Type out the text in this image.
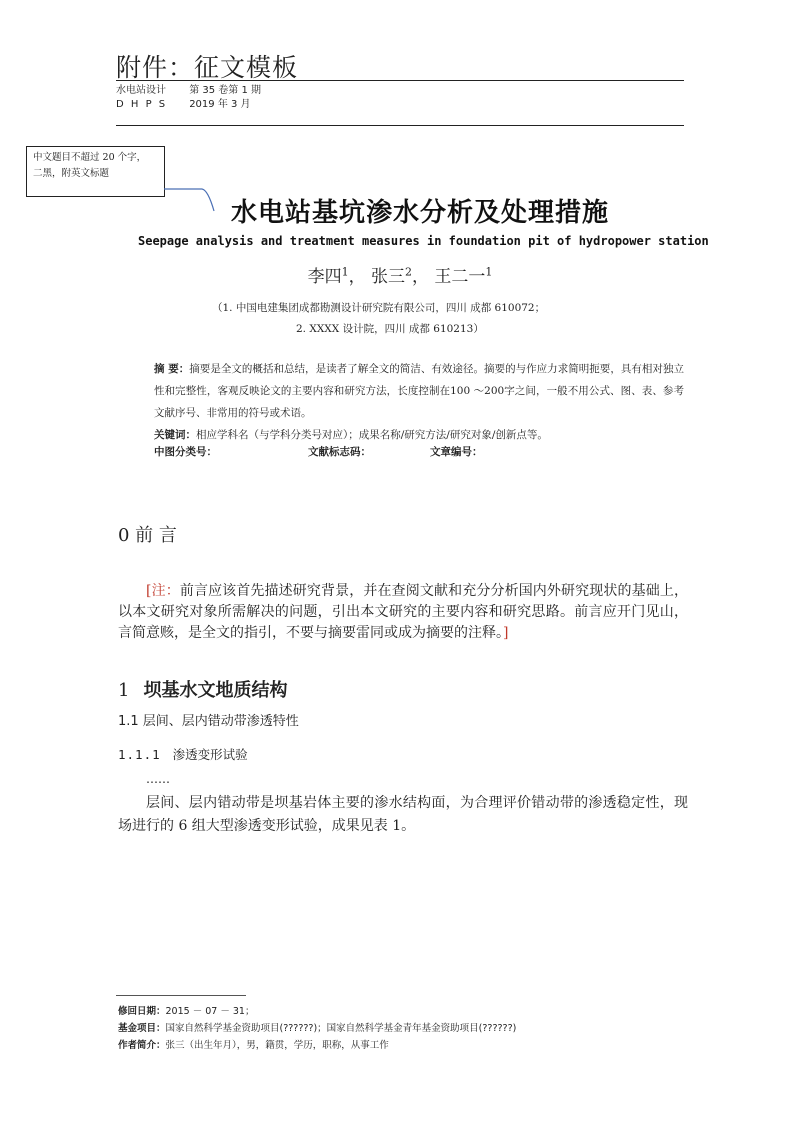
附件：征文模板
水电站设计 第 35 卷第 1 期
D H P S 2019 年 3 月
中文题目不超过 20 个字，
二黑，附英文标题
水电站基坑渗水分析及处理措施
Seepage analysis and treatment measures in foundation pit of hydropower station
李四$^1$， 张三$^2$， 王二一$^1$
（1. 中国电建集团成都勘测设计研究院有限公司，四川 成都 610072；
2. XXXX 设计院，四川 成都 610213）
摘 要：摘要是全文的概括和总结，是读者了解全文的简洁、有效途径。摘要的与作应力求简明扼要，具有相对独立性和完整性，客观反映论文的主要内容和研究方法，长度控制在100 ～200字之间，一般不用公式、图、表、参考文献序号、非常用的符号或术语。
关键词：相应学科名（与学科分类号对应）；成果名称/研究方法/研究对象/创新点等。
中图分类号：	文献标志码：	文章编号：
0 前 言
[注：前言应该首先描述研究背景，并在查阅文献和充分分析国内外研究现状的基础上，以本文研究对象所需解决的问题，引出本文研究的主要内容和研究思路。前言应开门见山，言简意赅，是全文的指引，不要与摘要雷同或成为摘要的注释。]
1 坝基水文地质结构
1.1 层间、层内错动带渗透特性
1.1.1 渗透变形试验
……
层间、层内错动带是坝基岩体主要的渗水结构面，为合理评价错动带的渗透稳定性，现场进行的 6 组大型渗透变形试验，成果见表 1。
修回日期：2015 － 07 － 31；
基金项目：国家自然科学基金资助项目(??????)；国家自然科学基金青年基金资助项目(??????)
作者简介：张三（出生年月），男，籍贯，学历，职称，从事工作
